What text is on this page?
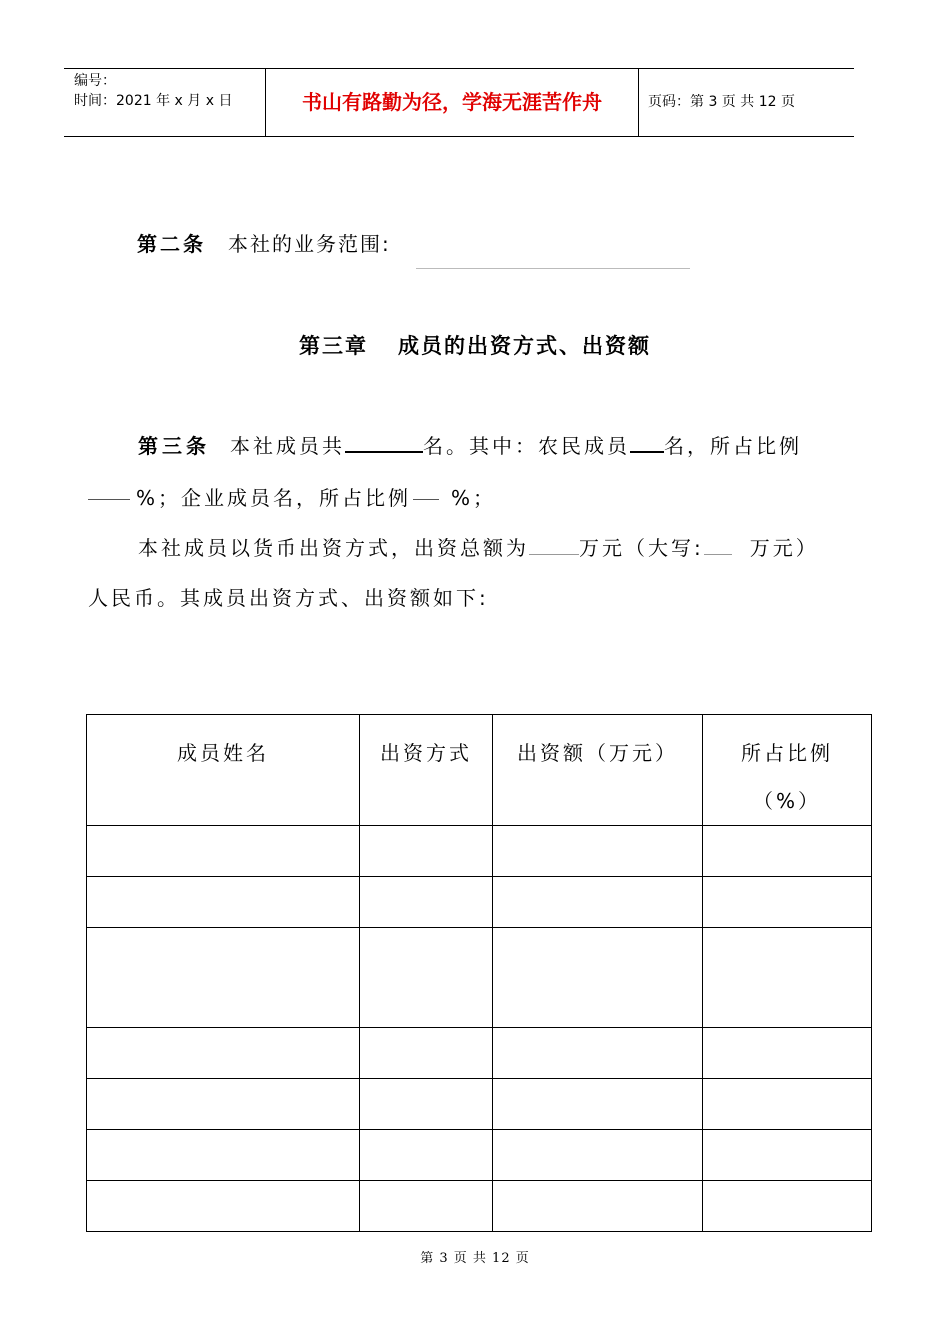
编号：
时间：2021 年 x 月 x 日	书山有路勤为径，学海无涯苦作舟	页码：第 3 页 共 12 页
第二条 本社的业务范围:
第三章 成员的出资方式、出资额
第三条 本社成员共	名。其中：农民成员 名，所占比例
%；企业成员名，所占比例 %；
本社成员以货币出资方式，出资总额为	万元（大写: 万元）
人民币。其成员出资方式、出资额如下:
成员姓名	出资方式	出资额（万元）	所占比例
（%）

第 3 页 共 12 页
